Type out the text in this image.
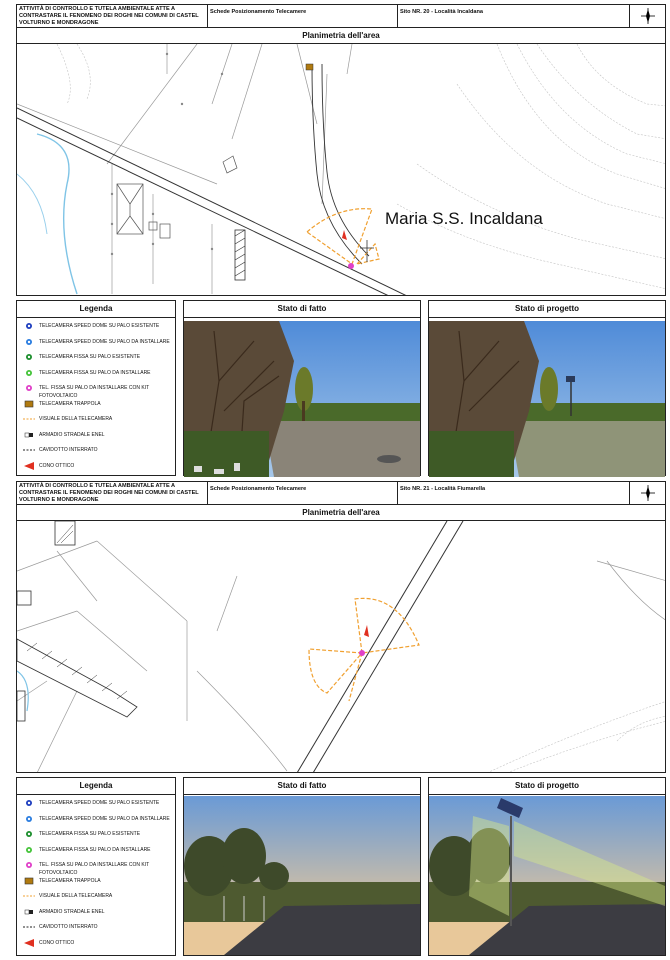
ATTIVITÀ DI CONTROLLO E TUTELA AMBIENTALE ATTE A CONTRASTARE IL FENOMENO DEI ROGHI NEI COMUNI DI CASTEL VOLTURNO E MONDRAGONE
Schede Posizionamento Telecamere	Sito NR. 20 - Località Incaldana
Planimetria dell'area
Maria S.S. Incaldana
Legenda
TELECAMERA SPEED DOME SU PALO ESISTENTE
TELECAMERA SPEED DOME SU PALO DA INSTALLARE
TELECAMERA FISSA SU PALO ESISTENTE
TELECAMERA FISSA SU PALO DA INSTALLARE
TEL. FISSA SU PALO DA INSTALLARE CON KIT FOTOVOLTAICO
TELECAMERA TRAPPOLA
VISUALE DELLA TELECAMERA
ARMADIO STRADALE ENEL
CAVIDOTTO INTERRATO
CONO OTTICO
Stato di fatto	Stato di progetto
ATTIVITÀ DI CONTROLLO E TUTELA AMBIENTALE ATTE A CONTRASTARE IL FENOMENO DEI ROGHI NEI COMUNI DI CASTEL VOLTURNO E MONDRAGONE
Schede Posizionamento Telecamere	Sito NR. 21 - Località Fiumarella
Planimetria dell'area
Legenda
TELECAMERA SPEED DOME SU PALO ESISTENTE
TELECAMERA SPEED DOME SU PALO DA INSTALLARE
TELECAMERA FISSA SU PALO ESISTENTE
TELECAMERA FISSA SU PALO DA INSTALLARE
TEL. FISSA SU PALO DA INSTALLARE CON KIT FOTOVOLTAICO
TELECAMERA TRAPPOLA
VISUALE DELLA TELECAMERA
ARMADIO STRADALE ENEL
CAVIDOTTO INTERRATO
CONO OTTICO
Stato di fatto	Stato di progetto
